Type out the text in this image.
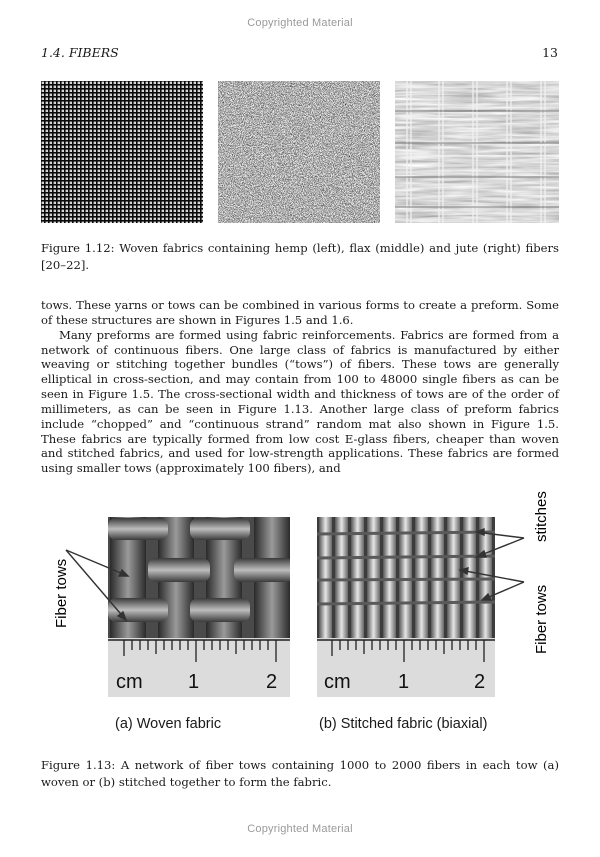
Copyrighted Material
1.4. FIBERS	13
Figure 1.12: Woven fabrics containing hemp (left), flax (middle) and jute (right) fibers [20–22].

tows. These yarns or tows can be combined in various forms to create a preform. Some of these structures are shown in Figures 1.5 and 1.6.

Many preforms are formed using fabric reinforcements. Fabrics are formed from a network of continuous fibers. One large class of fabrics is manufactured by either weaving or stitching together bundles (“tows”) of fibers. These tows are generally elliptical in cross-section, and may contain from 100 to 48000 single fibers as can be seen in Figure 1.5. The cross-sectional width and thickness of tows are of the order of millimeters, as can be seen in Figure 1.13. Another large class of preform fabrics include “chopped” and “continuous strand” random mat also shown in Figure 1.5. These fabrics are typically formed from low cost E-glass fibers, cheaper than woven and stitched fabrics, and used for low-strength applications. These fabrics are formed using smaller tows (approximately 100 fibers), and

cm 1	2 cm 1	2
Fiber tows
stitches
Fiber tows
(a) Woven fabric	(b) Stitched fabric (biaxial)
Figure 1.13: A network of fiber tows containing 1000 to 2000 fibers in each tow (a) woven or (b) stitched together to form the fabric.
Copyrighted Material
